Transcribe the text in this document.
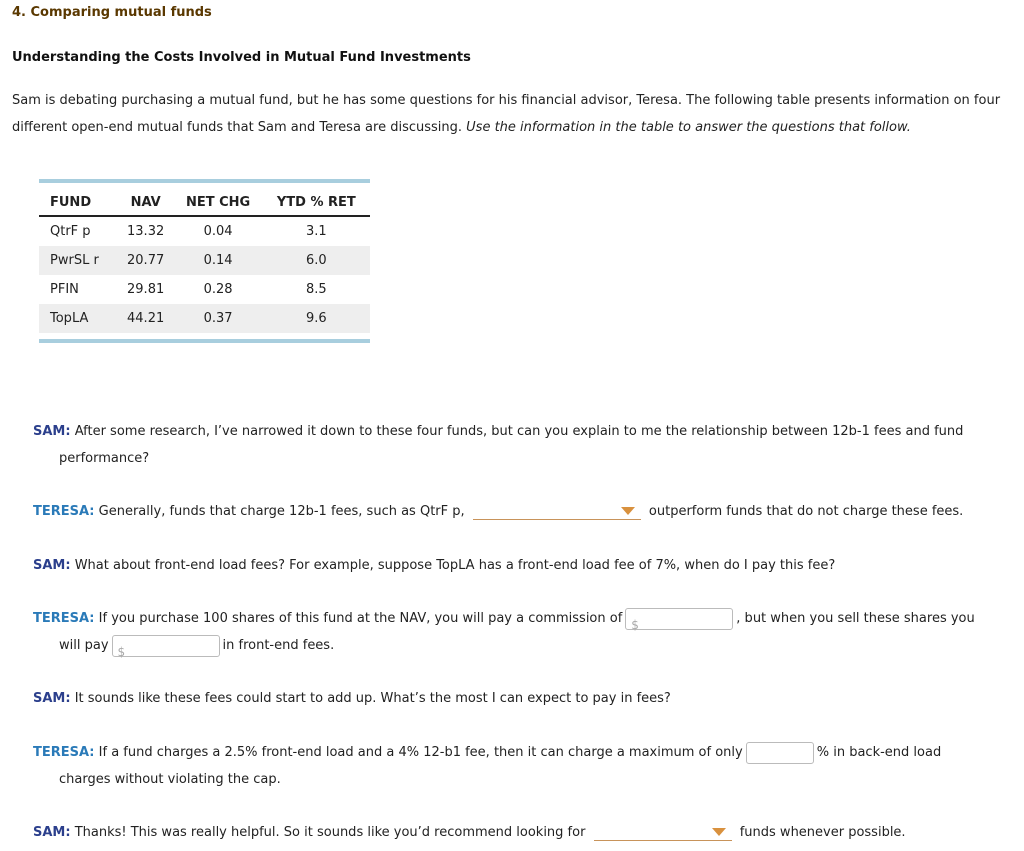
4. Comparing mutual funds
Understanding the Costs Involved in Mutual Fund Investments
Sam is debating purchasing a mutual fund, but he has some questions for his financial advisor, Teresa. The following table presents information on four different open-end mutual funds that Sam and Teresa are discussing. Use the information in the table to answer the questions that follow.
FUND	NAV	NET CHG	YTD % RET
QtrF p	13.32	0.04	3.1
PwrSL r	20.77	0.14	6.0
PFIN	29.81	0.28	8.5
TopLA	44.21	0.37	9.6
SAM: After some research, I’ve narrowed it down to these four funds, but can you explain to me the relationship between 12b-1 fees and fund
performance?
TERESA: Generally, funds that charge 12b-1 fees, such as QtrF p,	outperform funds that do not charge these fees.
SAM: What about front-end load fees? For example, suppose TopLA has a front-end load fee of 7%, when do I pay this fee?
TERESA: If you purchase 100 shares of this fund at the NAV, you will pay a commission of $	, but when you sell these shares you
will pay $	in front-end fees.
SAM: It sounds like these fees could start to add up. What’s the most I can expect to pay in fees?
TERESA: If a fund charges a 2.5% front-end load and a 4% 12-b1 fee, then it can charge a maximum of only	% in back-end load
charges without violating the cap.
SAM: Thanks! This was really helpful. So it sounds like you’d recommend looking for	funds whenever possible.
